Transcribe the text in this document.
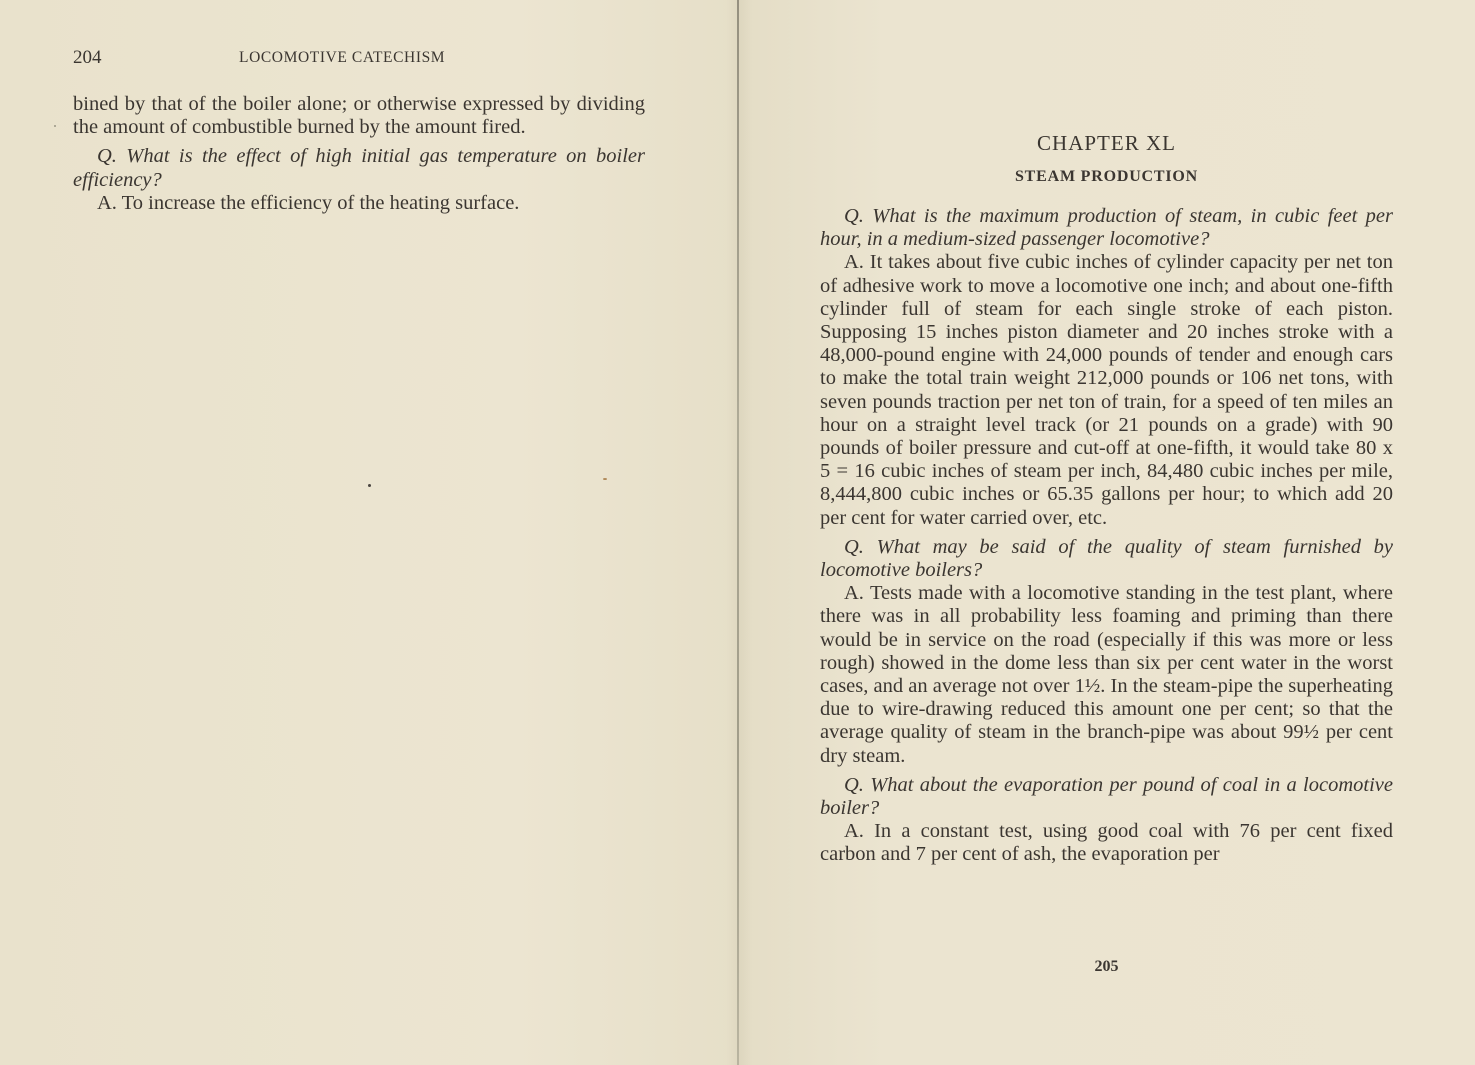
204	LOCOMOTIVE CATECHISM

bined by that of the boiler alone; or otherwise expressed by dividing the amount of combustible burned by the amount fired.

Q. What is the effect of high initial gas temperature on boiler efficiency?

A. To increase the efficiency of the heating surface.

CHAPTER XL
STEAM PRODUCTION

Q. What is the maximum production of steam, in cubic feet per hour, in a medium-sized passenger locomotive?

A. It takes about five cubic inches of cylinder capacity per net ton of adhesive work to move a locomotive one inch; and about one-fifth cylinder full of steam for each single stroke of each piston. Supposing 15 inches piston diameter and 20 inches stroke with a 48,000-pound engine with 24,000 pounds of tender and enough cars to make the total train weight 212,000 pounds or 106 net tons, with seven pounds traction per net ton of train, for a speed of ten miles an hour on a straight level track (or 21 pounds on a grade) with 90 pounds of boiler pressure and cut-off at one-fifth, it would take 80 x 5 = 16 cubic inches of steam per inch, 84,480 cubic inches per mile, 8,444,800 cubic inches or 65.35 gallons per hour; to which add 20 per cent for water carried over, etc.

Q. What may be said of the quality of steam furnished by locomotive boilers?

A. Tests made with a locomotive standing in the test plant, where there was in all probability less foaming and priming than there would be in service on the road (especially if this was more or less rough) showed in the dome less than six per cent water in the worst cases, and an average not over 1½. In the steam-pipe the superheating due to wire-drawing reduced this amount one per cent; so that the average quality of steam in the branch-pipe was about 99½ per cent dry steam.

Q. What about the evaporation per pound of coal in a locomotive boiler?

A. In a constant test, using good coal with 76 per cent fixed carbon and 7 per cent of ash, the evaporation per

205
